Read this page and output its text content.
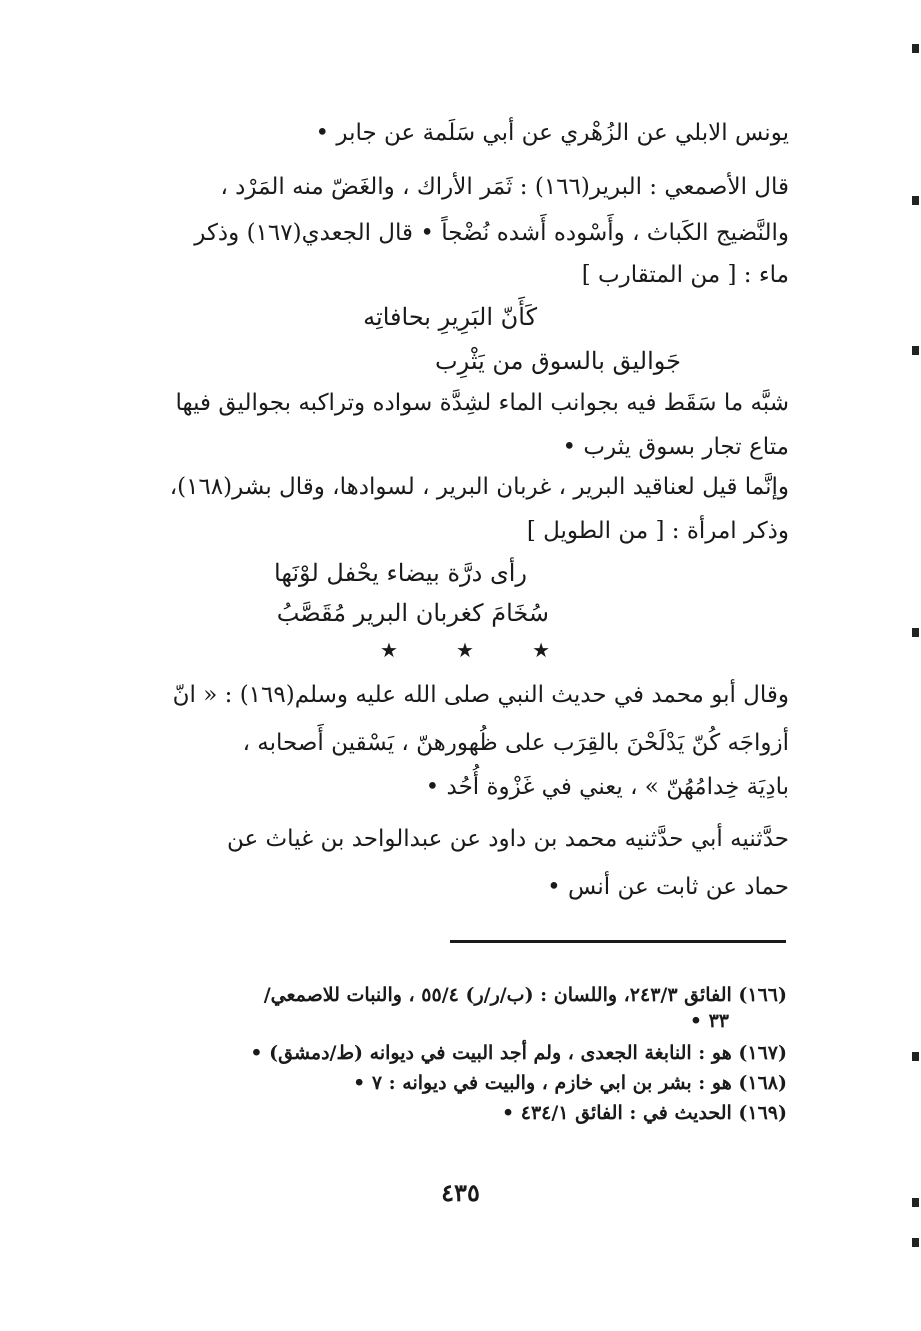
يونس الابلي عن الزُهْري عن أبي سَلَمة عن جابر •
قال الأصمعي : البرير(١٦٦) : ثَمَر الأراك ، والغَضّ منه المَرْد ،
والنَّضيج الكَباث ، وأَسْوده أَشده نُضْجاً • قال الجعدي(١٦٧) وذكر
ماء : [ من المتقارب ]
كَأَنّ البَرِيرِ بحافاتِه
جَواليق بالسوق من يَثْرِب
شبَّه ما سَقَط فيه بجوانب الماء لشِدَّة سواده وتراكبه بجواليق فيها
متاع تجار بسوق يثرب •
وإنَّما قيل لعناقيد البرير ، غربان البرير ، لسوادها، وقال بشر(١٦٨)،
وذكر امرأة : [ من الطويل ]
رأى درَّة بيضاء يحْفل لوْنَها
سُخَامَ كغربان البرير مُقَصَّبُ
★	★	★
وقال أبو محمد في حديث النبي صلى الله عليه وسلم(١٦٩) : « انّ
أزواجَه كُنّ يَدْلَحْنَ بالقِرَب على ظُهورهنّ ، يَسْقين أَصحابه ،
بادِيَة خِدامُهُنّ » ، يعني في غَزْوة أُحُد •
حدَّثنيه أبي حدَّثنيه محمد بن داود عن عبدالواحد بن غياث عن
حماد عن ثابت عن أنس •
(١٦٦) الفائق ٢٤٣/٣، واللسان : (ب/ر/ر) ٥٥/٤ ، والنبات للاصمعي/
٣٣ •
(١٦٧) هو : النابغة الجعدى ، ولم أجد البيت في ديوانه (ط/دمشق) •
(١٦٨) هو : بشر بن ابي خازم ، والبيت في ديوانه : ٧ •
(١٦٩) الحديث في : الفائق ٤٣٤/١ •
٤٣٥
